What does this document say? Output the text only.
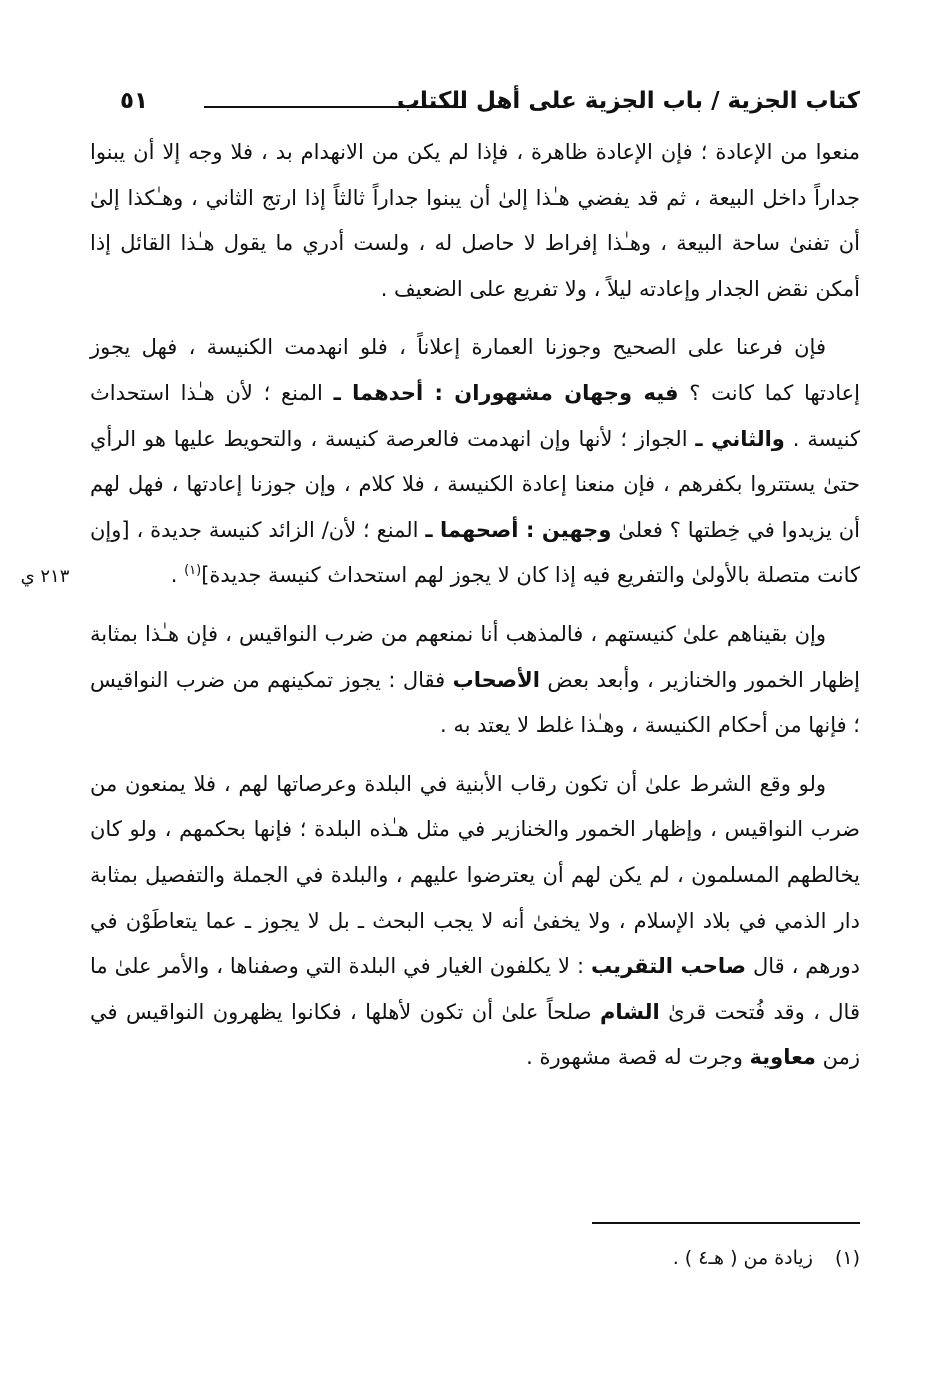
كتاب الجزية / باب الجزية على أهل الكتاب
٥١
٢١٣ ي

منعوا من الإعادة ؛ فإن الإعادة ظاهرة ، فإذا لم يكن من الانهدام بد ، فلا وجه إلا أن يبنوا جداراً داخل البيعة ، ثم قد يفضي هـٰذا إلىٰ أن يبنوا جداراً ثالثاً إذا ارتج الثاني ، وهـٰكذا إلىٰ أن تفنىٰ ساحة البيعة ، وهـٰذا إفراط لا حاصل له ، ولست أدري ما يقول هـٰذا القائل إذا أمكن نقض الجدار وإعادته ليلاً ، ولا تفريع على الضعيف .

فإن فرعنا على الصحيح وجوزنا العمارة إعلاناً ، فلو انهدمت الكنيسة ، فهل يجوز إعادتها كما كانت ؟ فيه وجهان مشهوران : أحدهما ـ المنع ؛ لأن هـٰذا استحداث كنيسة . والثاني ـ الجواز ؛ لأنها وإن انهدمت فالعرصة كنيسة ، والتحويط عليها هو الرأي حتىٰ يستتروا بكفرهم ، فإن منعنا إعادة الكنيسة ، فلا كلام ، وإن جوزنا إعادتها ، فهل لهم أن يزيدوا في خِطتها ؟ فعلىٰ وجهين : أصحهما ـ المنع ؛ لأن/ الزائد كنيسة جديدة ، [وإن كانت متصلة بالأولىٰ والتفريع فيه إذا كان لا يجوز لهم استحداث كنيسة جديدة]$^{(١)}$ .

وإن بقيناهم علىٰ كنيستهم ، فالمذهب أنا نمنعهم من ضرب النواقيس ، فإن هـٰذا بمثابة إظهار الخمور والخنازير ، وأبعد بعض الأصحاب فقال : يجوز تمكينهم من ضرب النواقيس ؛ فإنها من أحكام الكنيسة ، وهـٰذا غلط لا يعتد به .

ولو وقع الشرط علىٰ أن تكون رقاب الأبنية في البلدة وعرصاتها لهم ، فلا يمنعون من ضرب النواقيس ، وإظهار الخمور والخنازير في مثل هـٰذه البلدة ؛ فإنها بحكمهم ، ولو كان يخالطهم المسلمون ، لم يكن لهم أن يعترضوا عليهم ، والبلدة في الجملة والتفصيل بمثابة دار الذمي في بلاد الإسلام ، ولا يخفىٰ أنه لا يجب البحث ـ بل لا يجوز ـ عما يتعاطَوْن في دورهم ، قال صاحب التقريب : لا يكلفون الغيار في البلدة التي وصفناها ، والأمر علىٰ ما قال ، وقد فُتحت قرىٰ الشام صلحاً علىٰ أن تكون لأهلها ، فكانوا يظهرون النواقيس في زمن معاوية وجرت له قصة مشهورة .

(١) زيادة من ( هـ٤ ) .
